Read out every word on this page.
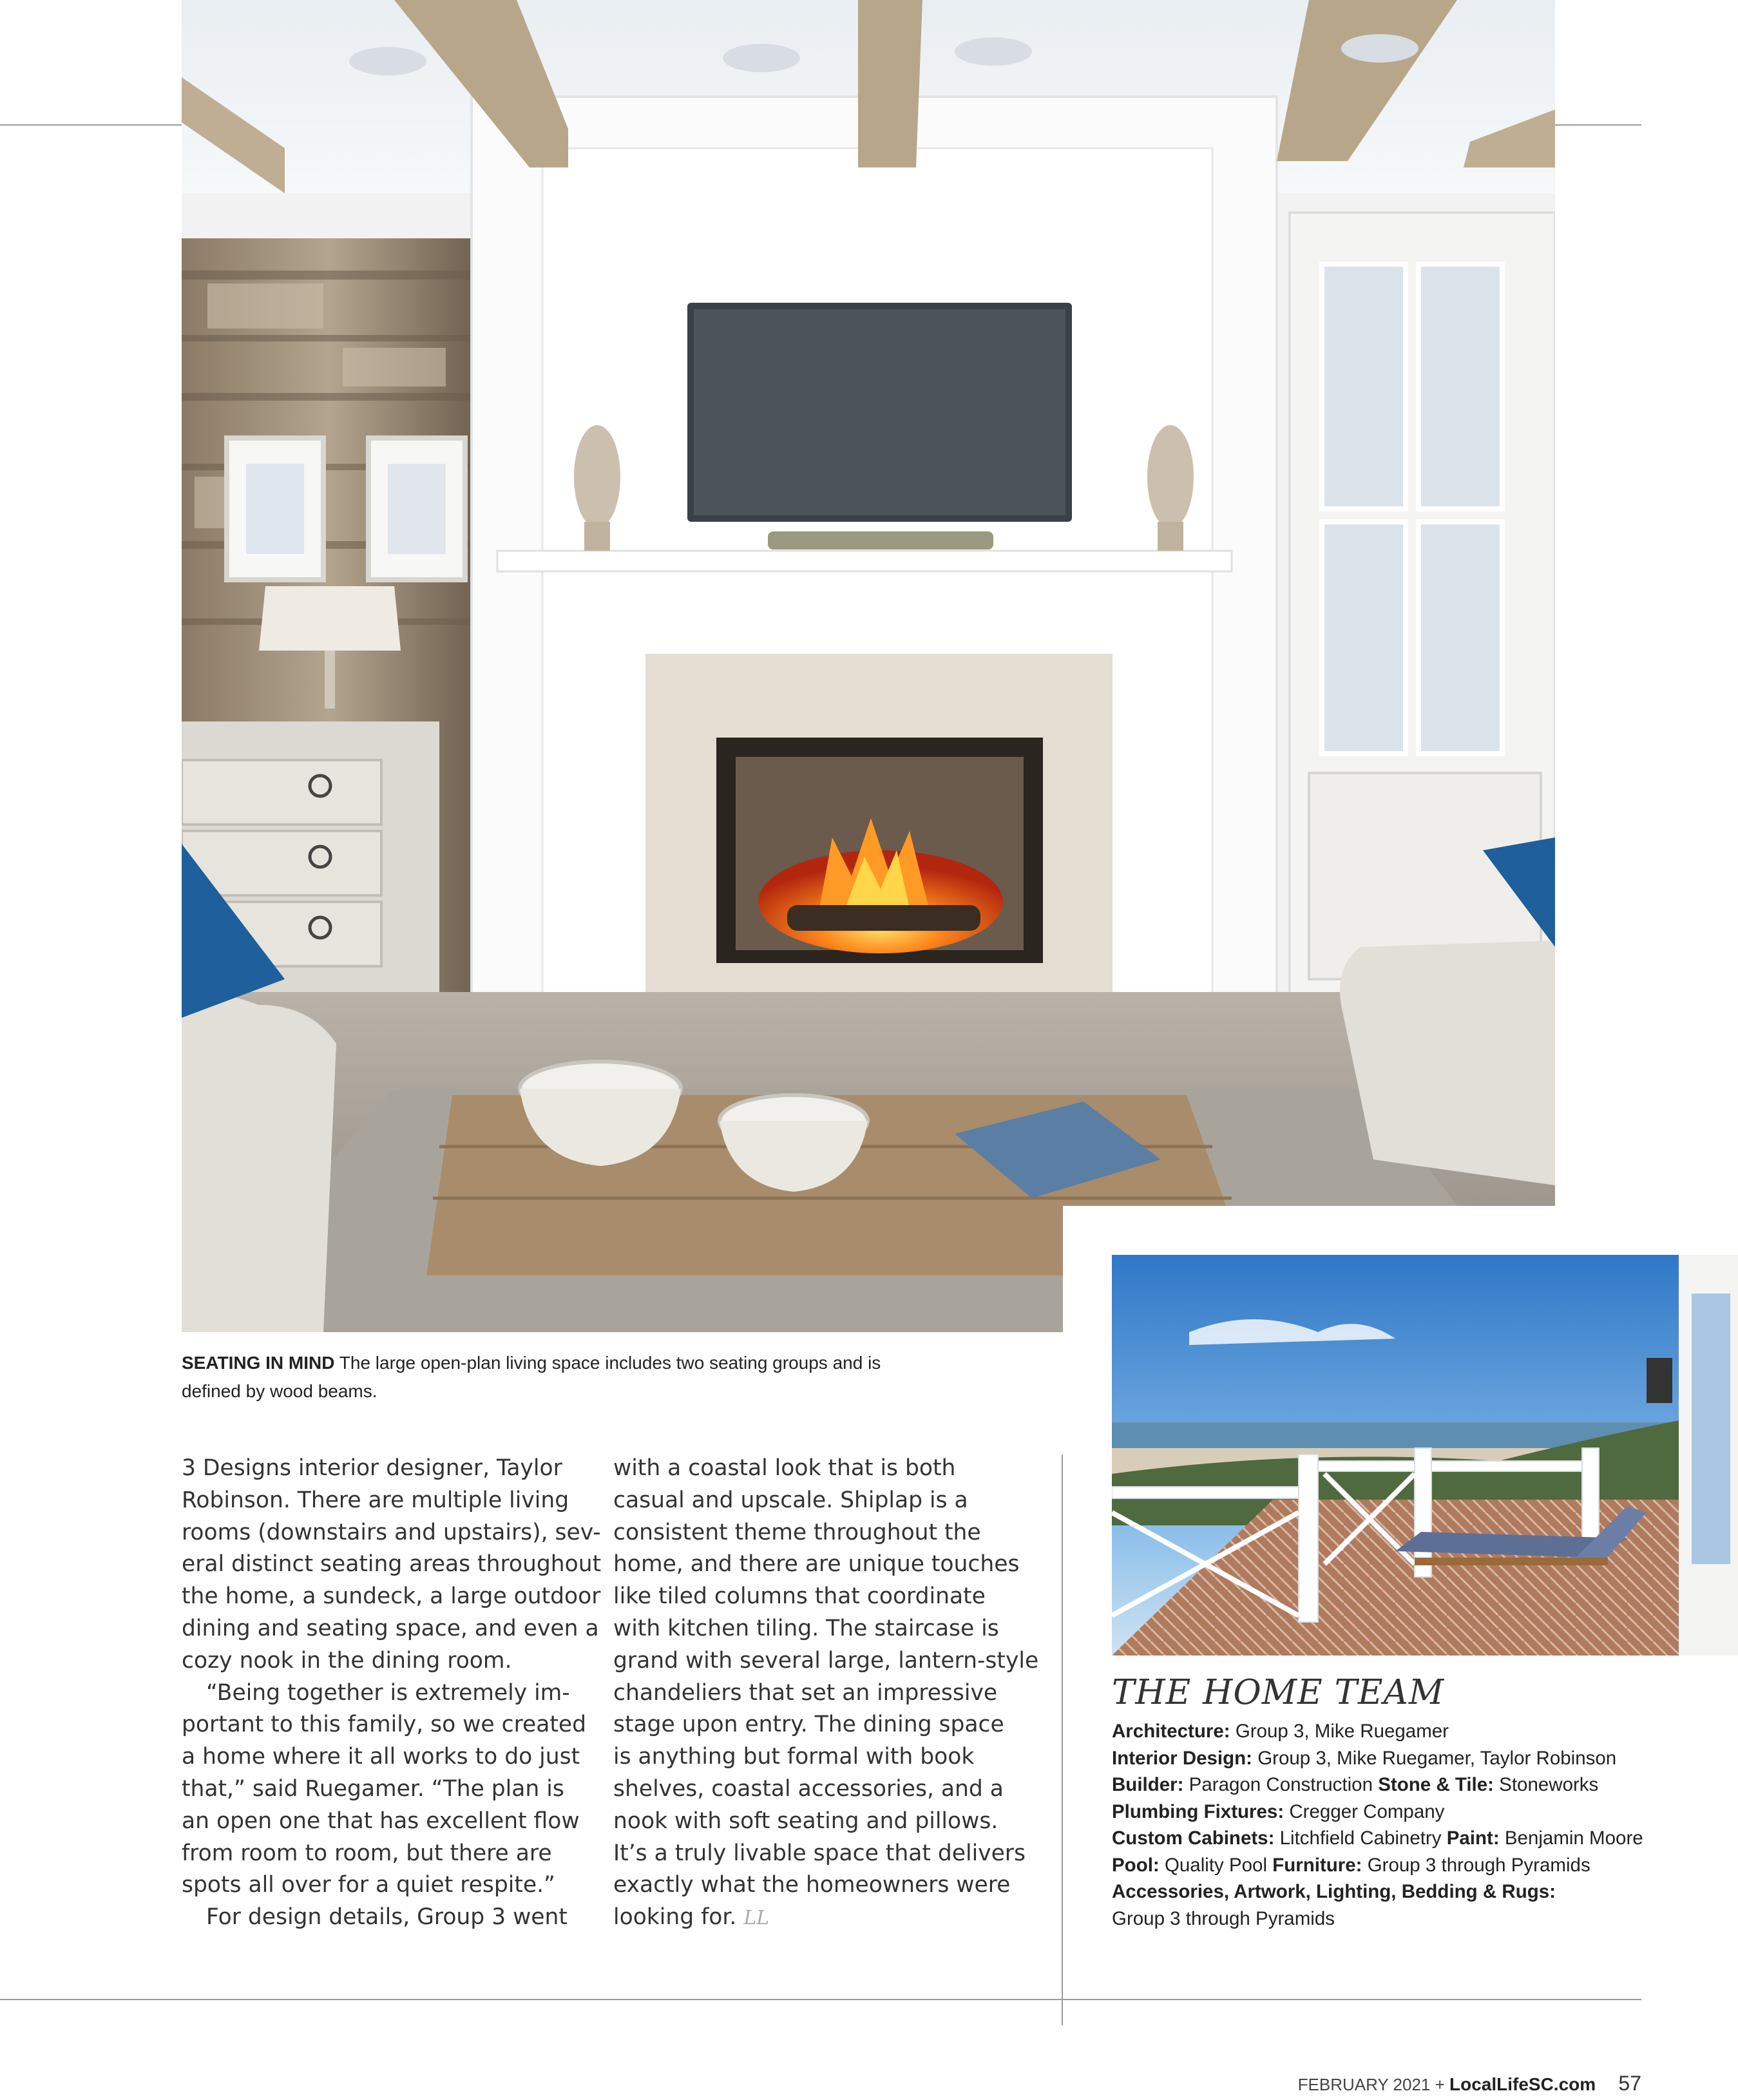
SEATING IN MIND The large open-plan living space includes two seating groups and is defined by wood beams.
3 Designs interior designer, Taylor
Robinson. There are multiple living
rooms (downstairs and upstairs), sev-
eral distinct seating areas throughout
the home, a sundeck, a large outdoor
dining and seating space, and even a
cozy nook in the dining room.
“Being together is extremely im-
portant to this family, so we created
a home where it all works to do just
that,” said Ruegamer. “The plan is
an open one that has excellent flow
from room to room, but there are
spots all over for a quiet respite.”
For design details, Group 3 went
with a coastal look that is both
casual and upscale. Shiplap is a
consistent theme throughout the
home, and there are unique touches
like tiled columns that coordinate
with kitchen tiling. The staircase is
grand with several large, lantern-style
chandeliers that set an impressive
stage upon entry. The dining space
is anything but formal with book
shelves, coastal accessories, and a
nook with soft seating and pillows.
It’s a truly livable space that delivers
exactly what the homeowners were
looking for. LL
THE HOME TEAM
Architecture: Group 3, Mike Ruegamer
Interior Design: Group 3, Mike Ruegamer, Taylor Robinson
Builder: Paragon Construction Stone & Tile: Stoneworks
Plumbing Fixtures: Cregger Company
Custom Cabinets: Litchfield Cabinetry Paint: Benjamin Moore
Pool: Quality Pool Furniture: Group 3 through Pyramids
Accessories, Artwork, Lighting, Bedding & Rugs:
Group 3 through Pyramids
FEBRUARY 2021 + LocalLifeSC.com 57
